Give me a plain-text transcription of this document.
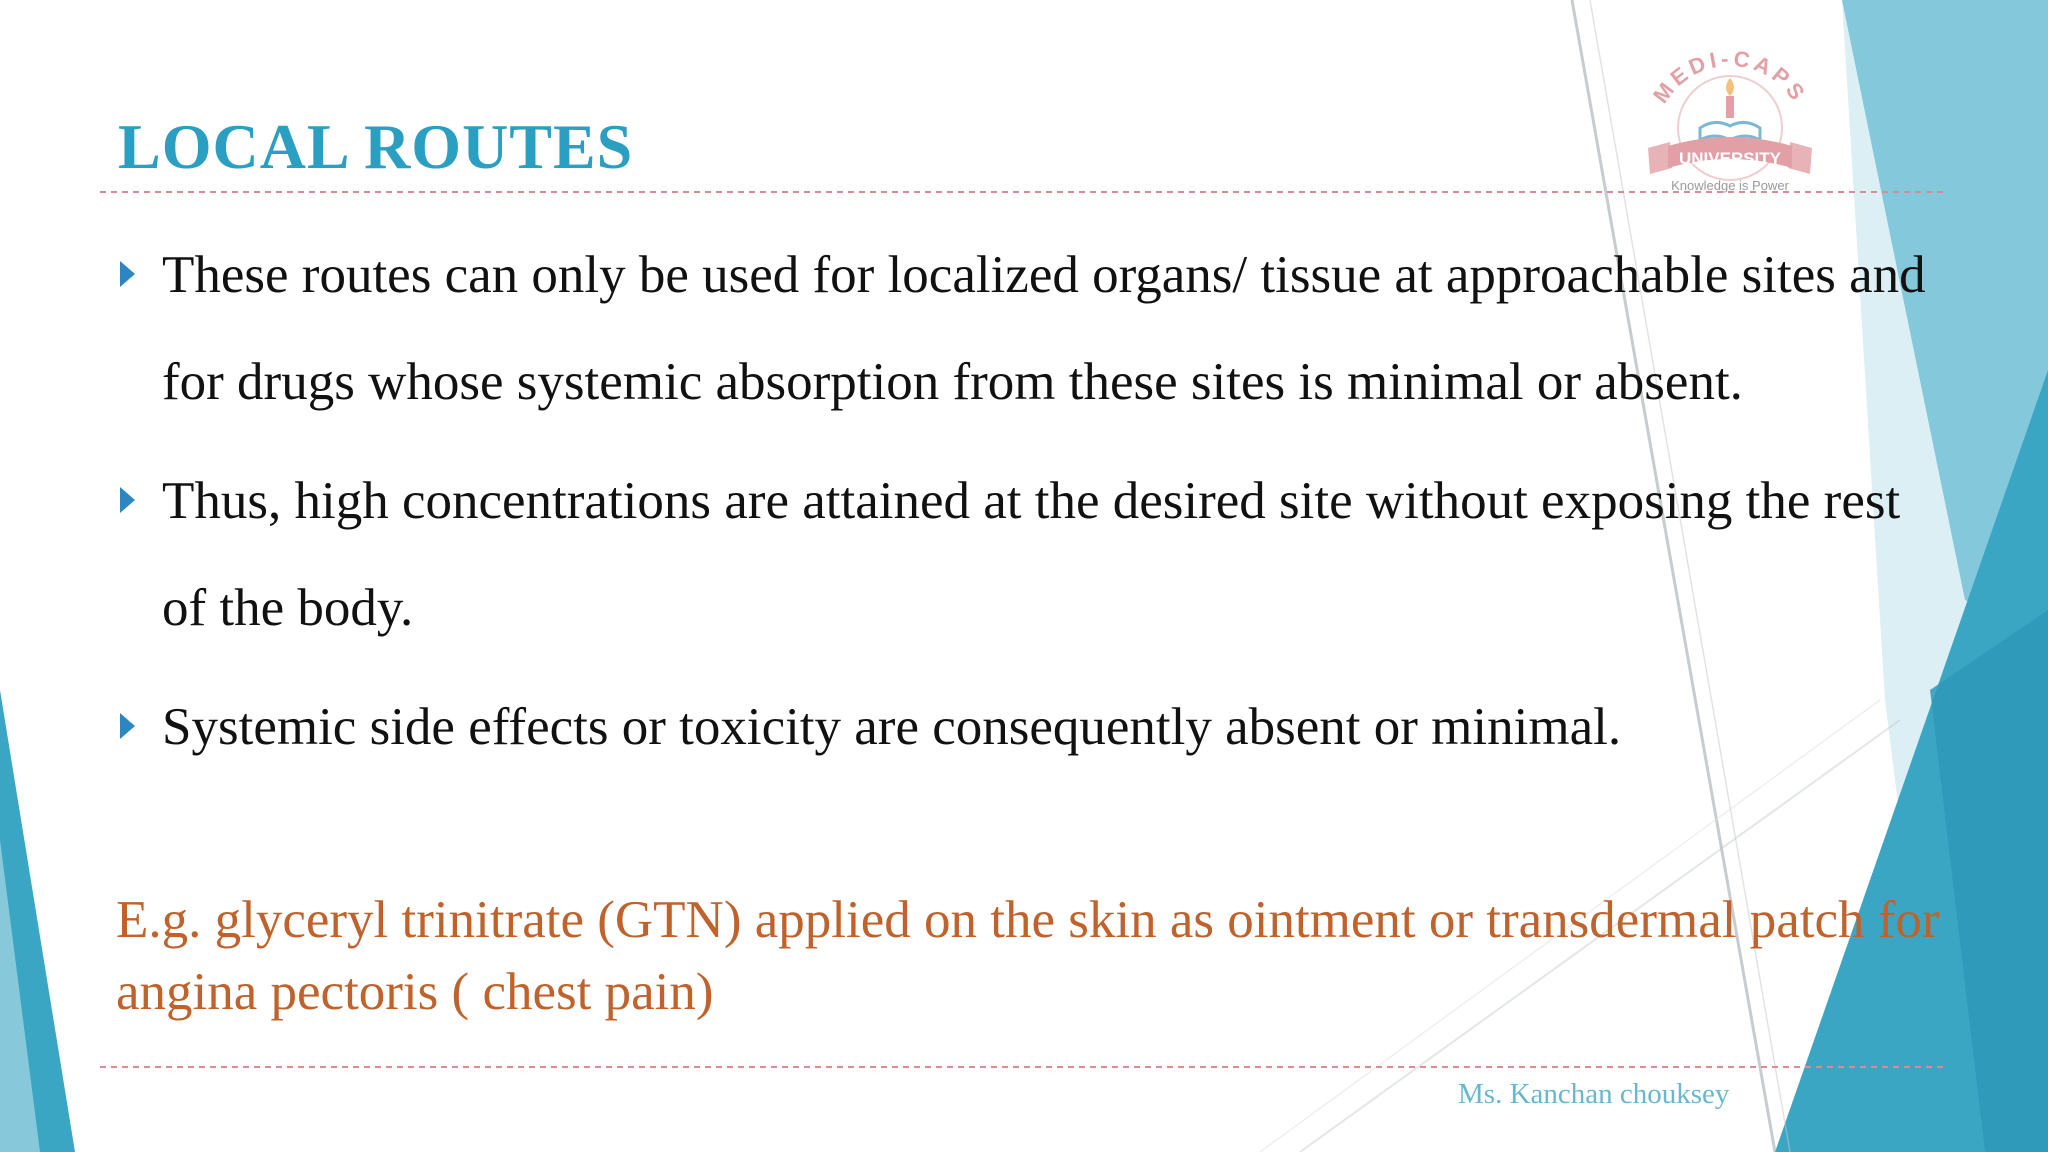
MEDI-CAPS
UNIVERSITY
Knowledge is Power
LOCAL ROUTES
These routes can only be used for localized organs/ tissue at approachable sites and for drugs whose systemic absorption from these sites is minimal or absent.
Thus, high concentrations are attained at the desired site without exposing the rest of the body.
Systemic side effects or toxicity are consequently absent or minimal.

E.g. glyceryl trinitrate (GTN) applied on the skin as ointment or transdermal patch for angina pectoris ( chest pain)

Ms. Kanchan chouksey
